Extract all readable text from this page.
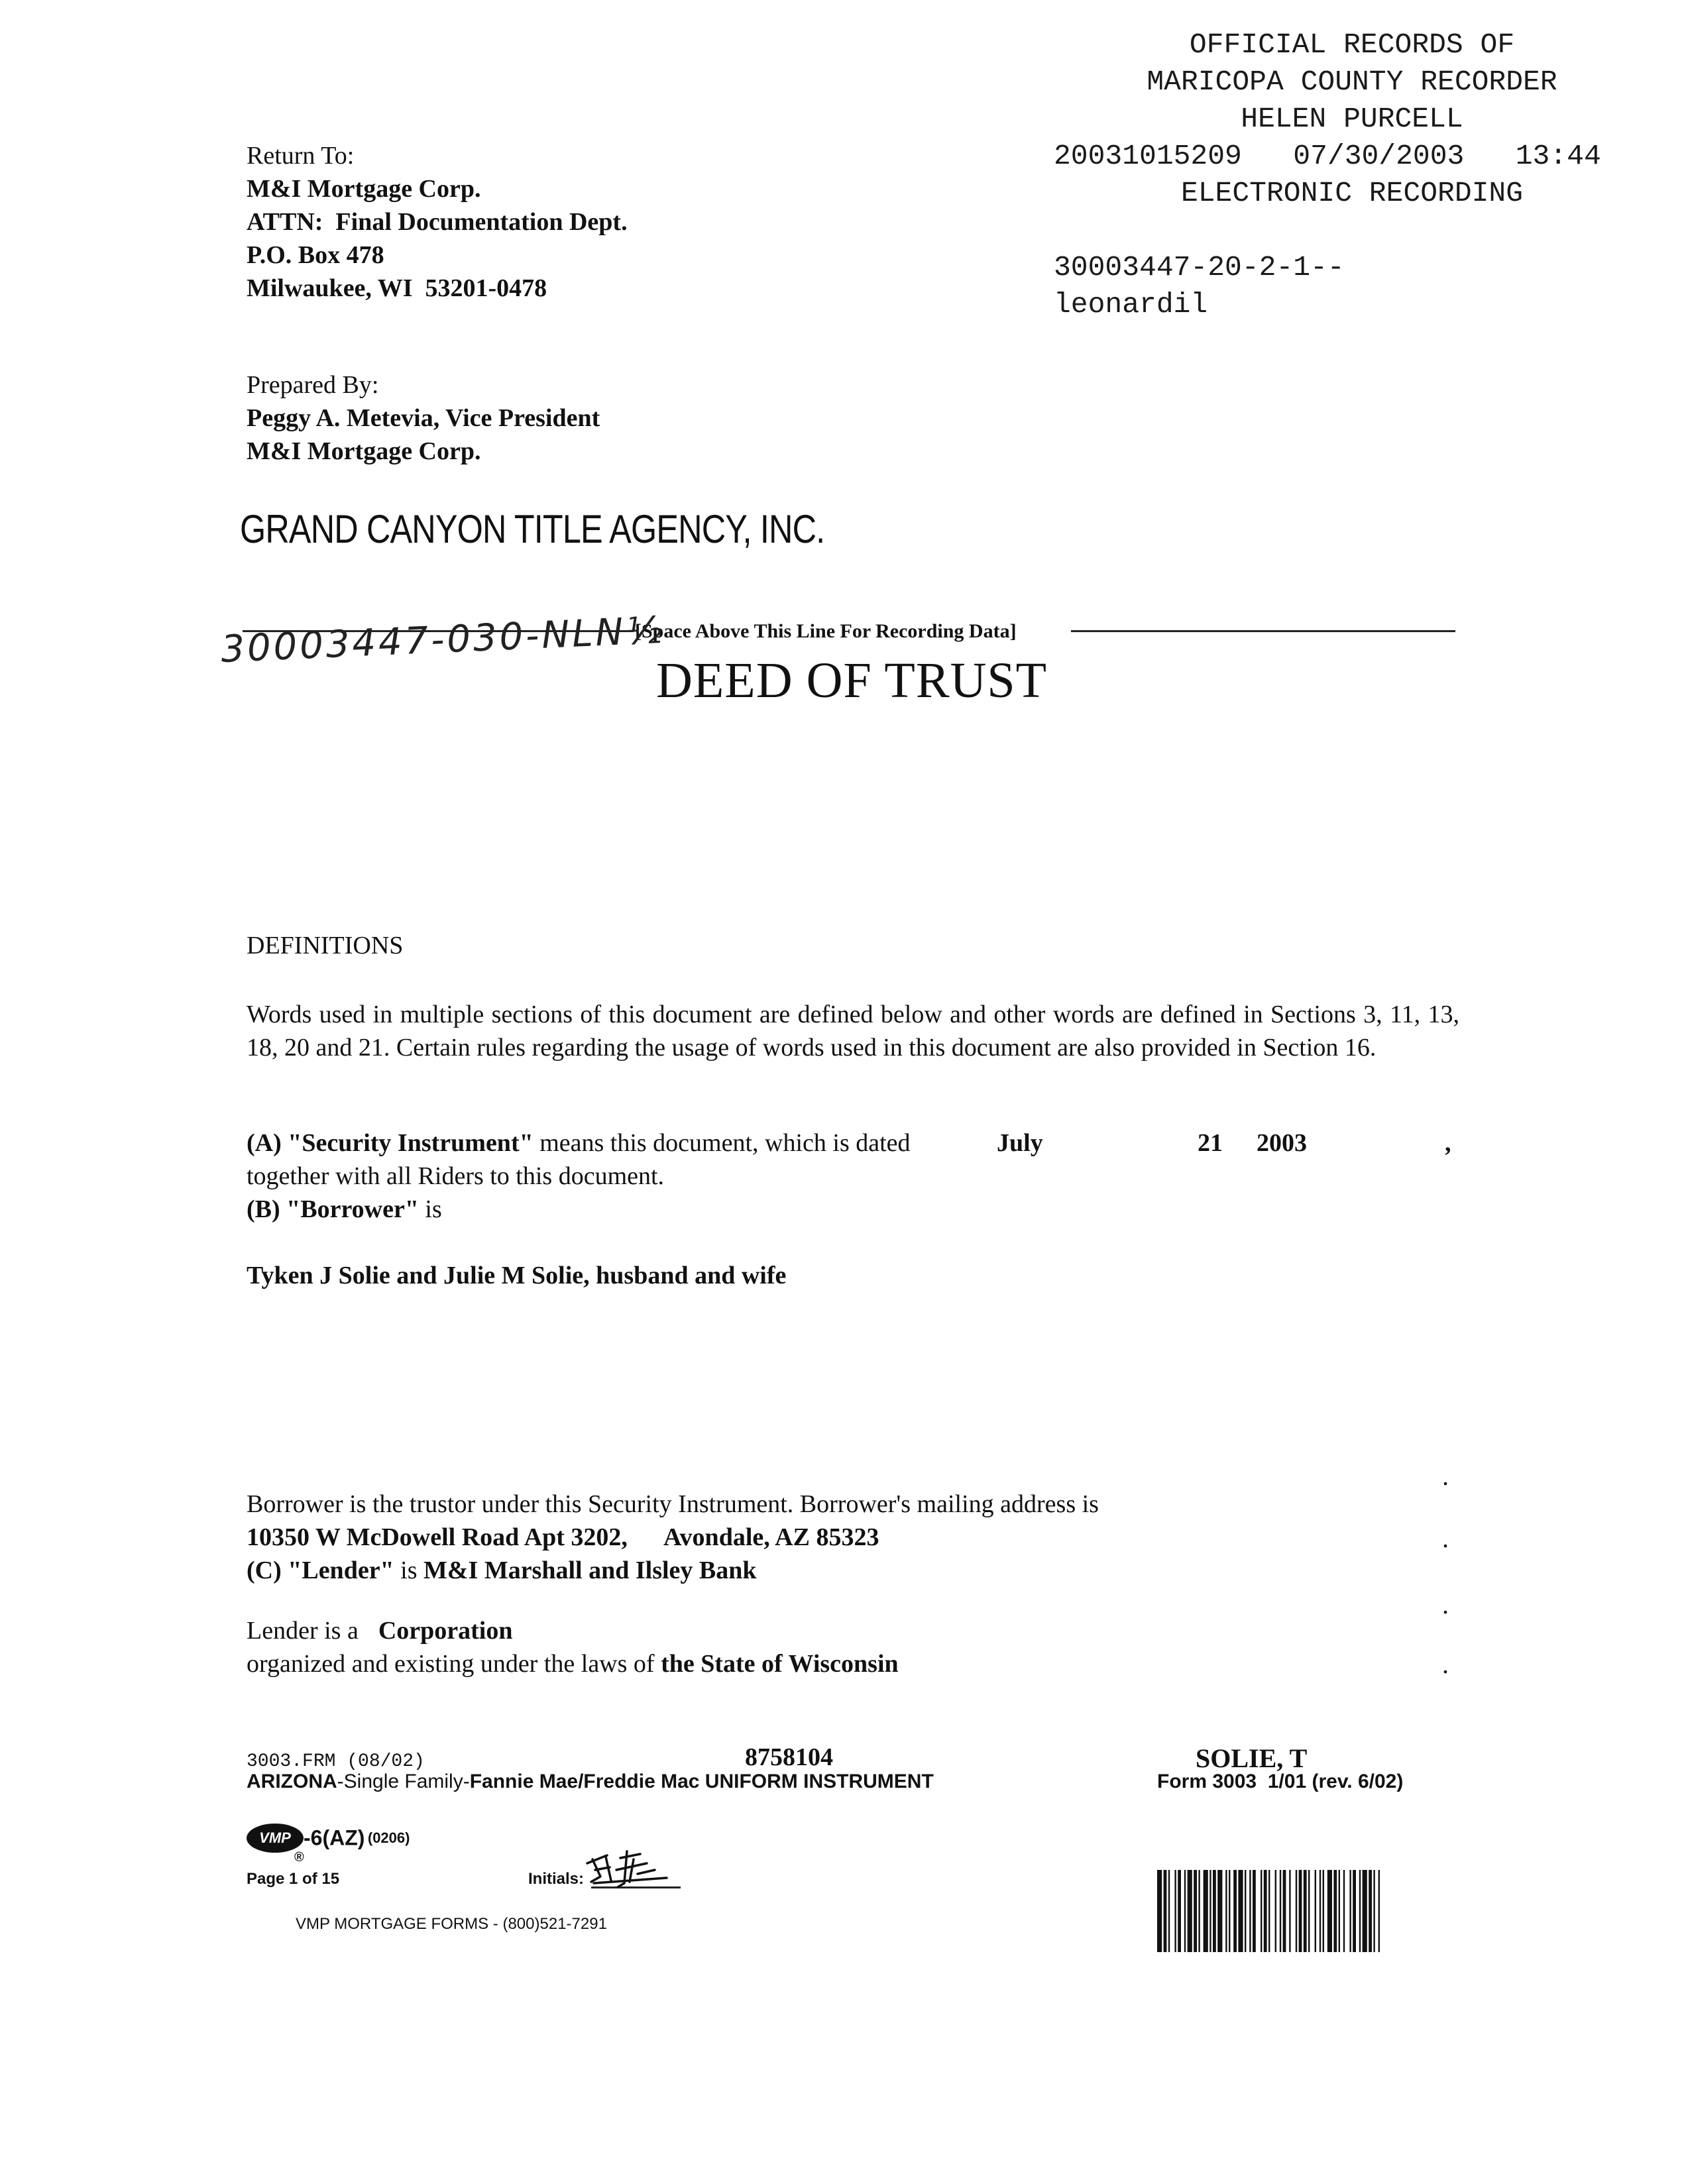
OFFICIAL RECORDS OF
MARICOPA COUNTY RECORDER
HELEN PURCELL
20031015209 07/30/2003 13:44
ELECTRONIC RECORDING
30003447-20-2-1--
leonardil
Return To:
M&I Mortgage Corp.
ATTN:  Final Documentation Dept.
P.O. Box 478
Milwaukee, WI  53201-0478
Prepared By:
Peggy A. Metevia, Vice President
M&I Mortgage Corp.
GRAND CANYON TITLE AGENCY, INC.
[Space Above This Line For Recording Data]
30003447-030-NLN½
DEED OF TRUST
DEFINITIONS
Words used in multiple sections of this document are defined below and other words are defined in Sections 3, 11, 13, 18, 20 and 21. Certain rules regarding the usage of words used in this document are also provided in Section 16.
(A) "Security Instrument" means this document, which is dated	July	21 2003	,
together with all Riders to this document.
(B) "Borrower" is
Tyken J Solie and Julie M Solie, husband and wife
.
.
.
.
Borrower is the trustor under this Security Instrument. Borrower's mailing address is
10350 W McDowell Road Apt 3202, Avondale, AZ 85323
(C) "Lender" is M&I Marshall and Ilsley Bank
Lender is a Corporation
organized and existing under the laws of the State of Wisconsin
3003.FRM (08/02)	8758104
ARIZONA-Single Family-Fannie Mae/Freddie Mac UNIFORM INSTRUMENT
SOLIE, T
Form 3003  1/01 (rev. 6/02)
VMP -6(AZ) (0206)
®
Page 1 of 15	Initials:
VMP MORTGAGE FORMS - (800)521-7291
